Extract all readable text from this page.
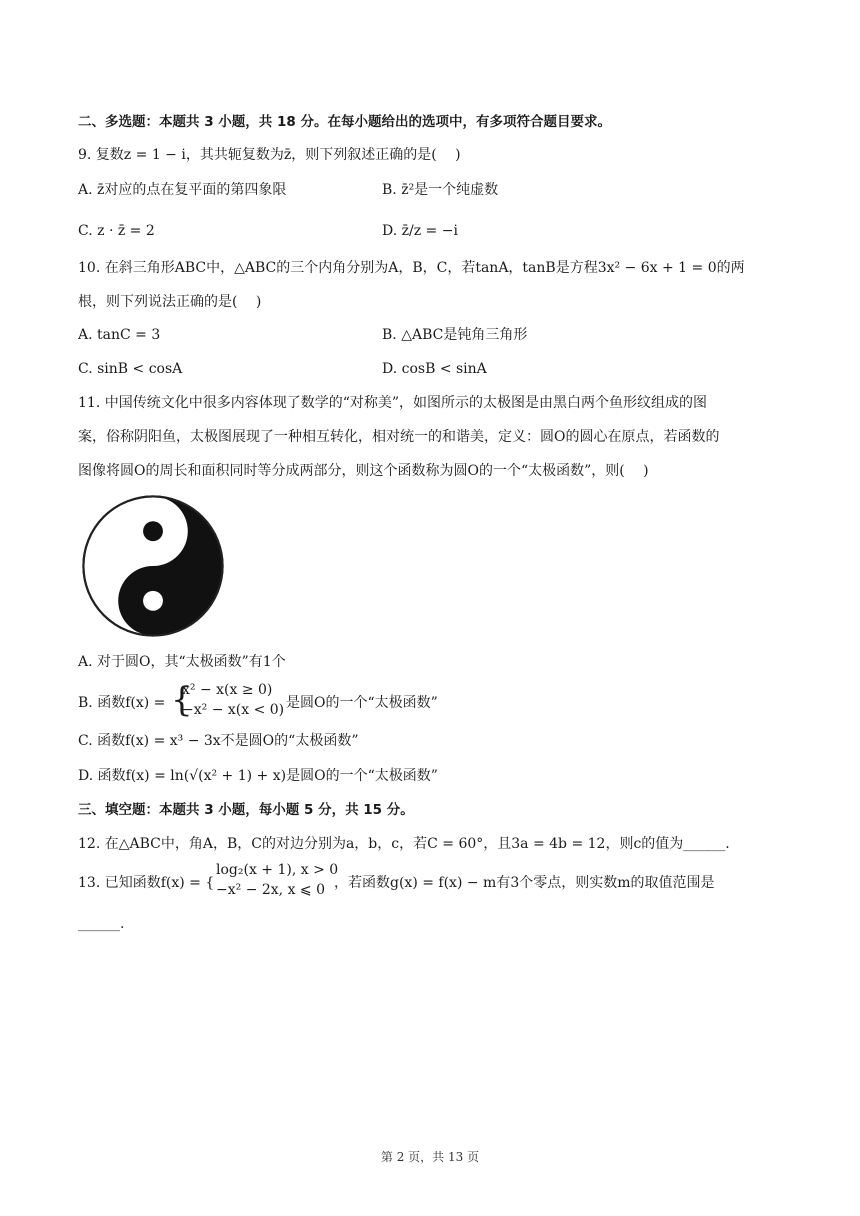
二、多选题：本题共 3 小题，共 18 分。在每小题给出的选项中，有多项符合题目要求。
9. 复数z = 1 − i，其共轭复数为z̄，则下列叙述正确的是(　 )
A. z̄对应的点在复平面的第四象限	B. z̄²是一个纯虚数
C. z · z̄ = 2	D. z̄/z = −i
10. 在斜三角形ABC中，△ABC的三个内角分别为A，B，C，若tanA，tanB是方程3x² − 6x + 1 = 0的两
根，则下列说法正确的是(　 )
A. tanC = 3	B. △ABC是钝角三角形
C. sinB < cosA	D. cosB < sinA
11. 中国传统文化中很多内容体现了数学的“对称美”，如图所示的太极图是由黑白两个鱼形纹组成的图
案，俗称阴阳鱼，太极图展现了一种相互转化，相对统一的和谐美，定义：圆O的圆心在原点，若函数的
图像将圆O的周长和面积同时等分成两部分，则这个函数称为圆O的一个“太极函数”，则(　 )
A. 对于圆O，其“太极函数”有1个
B. 函数f(x) = {
x² − x(x ≥ 0)
−x² − x(x < 0) 是圆O的一个“太极函数”
C. 函数f(x) = x³ − 3x不是圆O的“太极函数”
D. 函数f(x) = ln(√(x² + 1) + x)是圆O的一个“太极函数”
三、填空题：本题共 3 小题，每小题 5 分，共 15 分。
12. 在△ABC中，角A，B，C的对边分别为a，b，c，若C = 60°，且3a = 4b = 12，则c的值为______.
13. 已知函数f(x) = {
log₂(x + 1), x > 0
−x² − 2x, x ⩽ 0 ，若函数g(x) = f(x) − m有3个零点，则实数m的取值范围是
______.
第 2 页，共 13 页
